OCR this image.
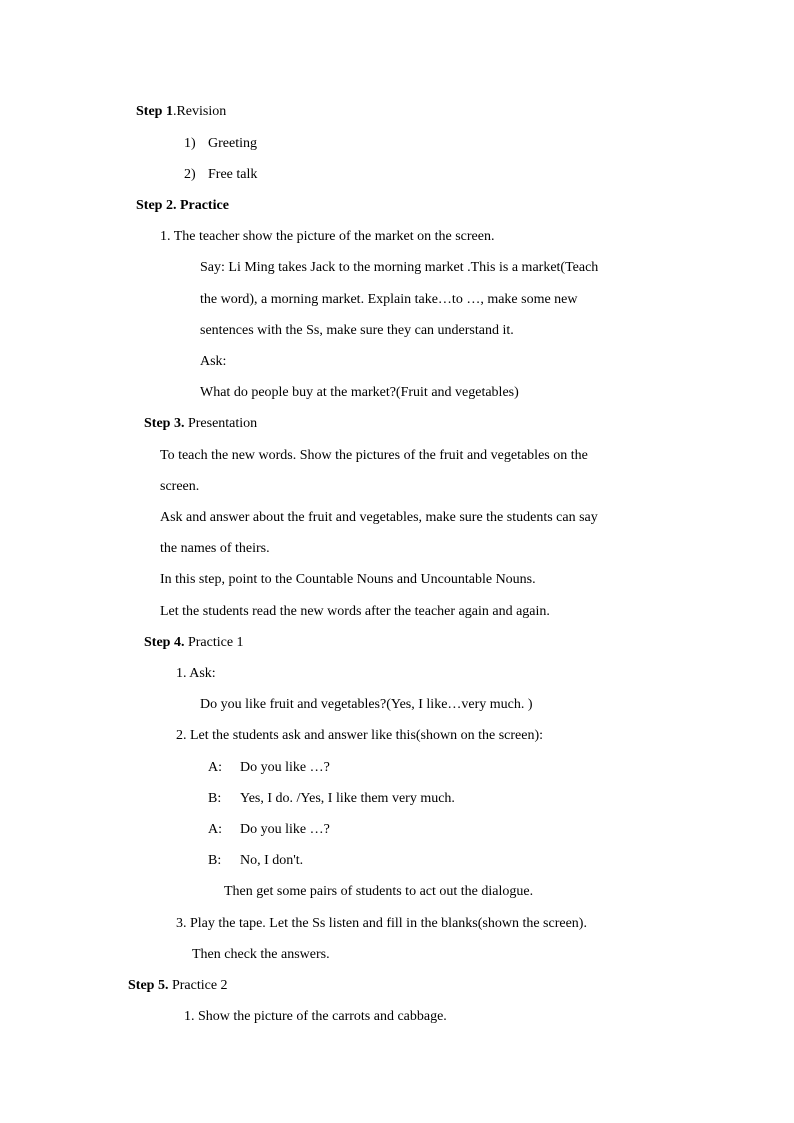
Step 1.Revision
1) Greeting
2) Free talk
Step 2. Practice
1. The teacher show the picture of the market on the screen.
Say: Li Ming takes Jack to the morning market .This is a market(Teach
the word), a morning market. Explain take…to …, make some new
sentences with the Ss, make sure they can understand it.
Ask:
What do people buy at the market?(Fruit and vegetables)
Step 3. Presentation
To teach the new words. Show the pictures of the fruit and vegetables on the
screen.
Ask and answer about the fruit and vegetables, make sure the students can say
the names of theirs.
In this step, point to the Countable Nouns and Uncountable Nouns.
Let the students read the new words after the teacher again and again.
Step 4. Practice 1
1. Ask:
Do you like fruit and vegetables?(Yes, I like…very much. )
2. Let the students ask and answer like this(shown on the screen):
A: Do you like …?
B: Yes, I do. /Yes, I like them very much.
A: Do you like …?
B: No, I don't.
Then get some pairs of students to act out the dialogue.
3. Play the tape. Let the Ss listen and fill in the blanks(shown the screen).
Then check the answers.
Step 5. Practice 2
1. Show the picture of the carrots and cabbage.
